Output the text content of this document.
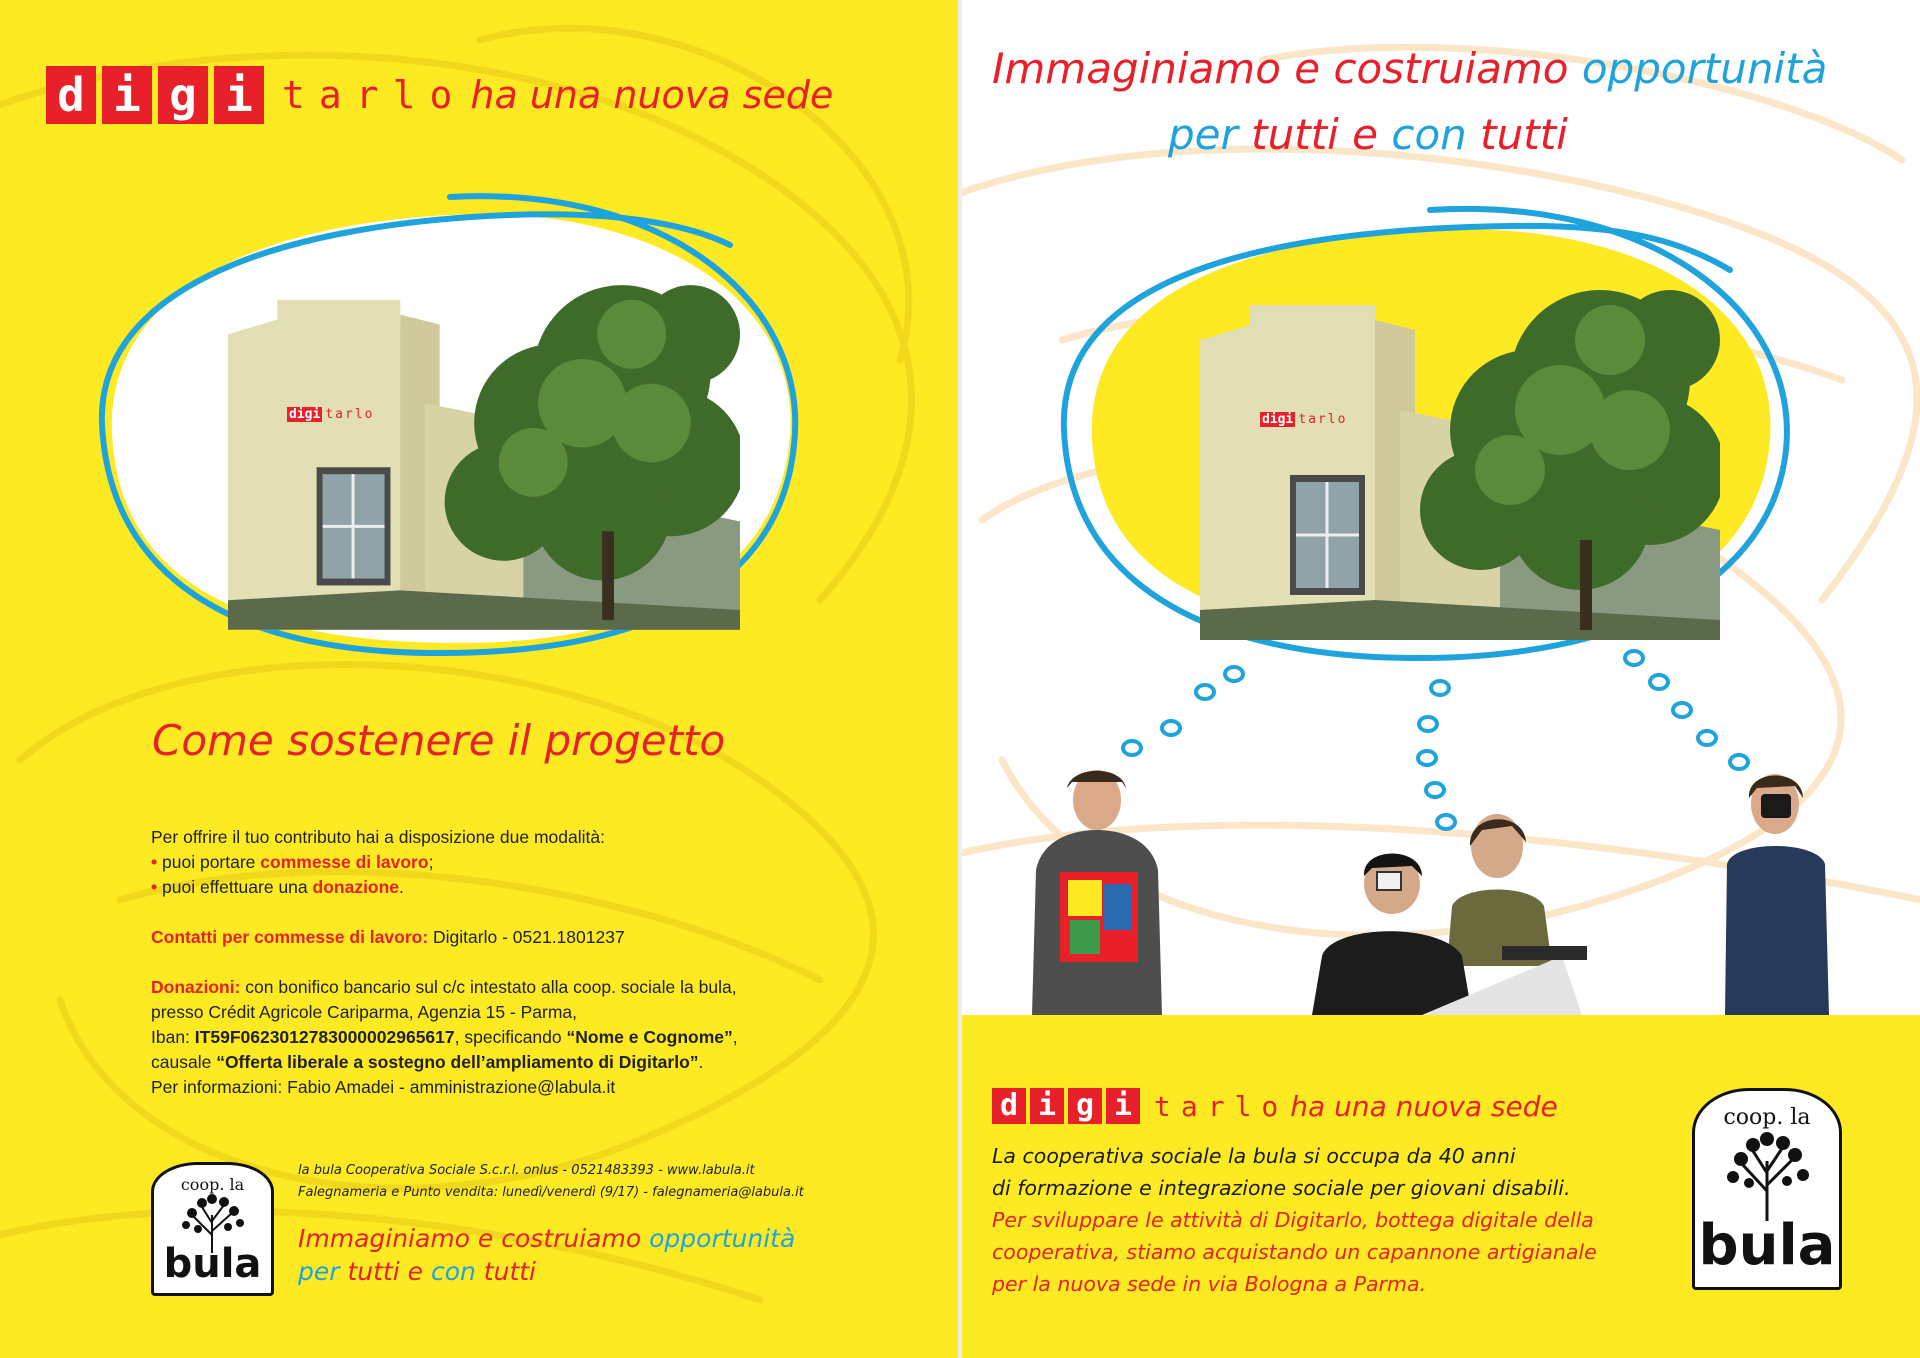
d i g i tarlo ha una nuova sede
digi tarlo
Come sostenere il progetto

Per offrire il tuo contributo hai a disposizione due modalità:

• puoi portare commesse di lavoro;

• puoi effettuare una donazione.

Contatti per commesse di lavoro: Digitarlo - 0521.1801237

Donazioni: con bonifico bancario sul c/c intestato alla coop. sociale la bula,

presso Crédit Agricole Cariparma, Agenzia 15 - Parma,

Iban: IT59F0623012783000002965617, specificando “Nome e Cognome”,

causale “Offerta liberale a sostegno dell’ampliamento di Digitarlo”.

Per informazioni: Fabio Amadei - amministrazione@labula.it

coop. la
bula
la bula Cooperativa Sociale S.c.r.l. onlus - 0521483393 - www.labula.it
Falegnameria e Punto vendita: lunedì/venerdì (9/17) - falegnameria@labula.it
Immaginiamo e costruiamo opportunità
per tutti e con tutti
Immaginiamo e costruiamo opportunità
per tutti e con tutti
digi tarlo
d i g i tarlo ha una nuova sede
La cooperativa sociale la bula si occupa da 40 anni
di formazione e integrazione sociale per giovani disabili.
Per sviluppare le attività di Digitarlo, bottega digitale della
cooperativa, stiamo acquistando un capannone artigianale
per la nuova sede in via Bologna a Parma.
coop. la
bula
